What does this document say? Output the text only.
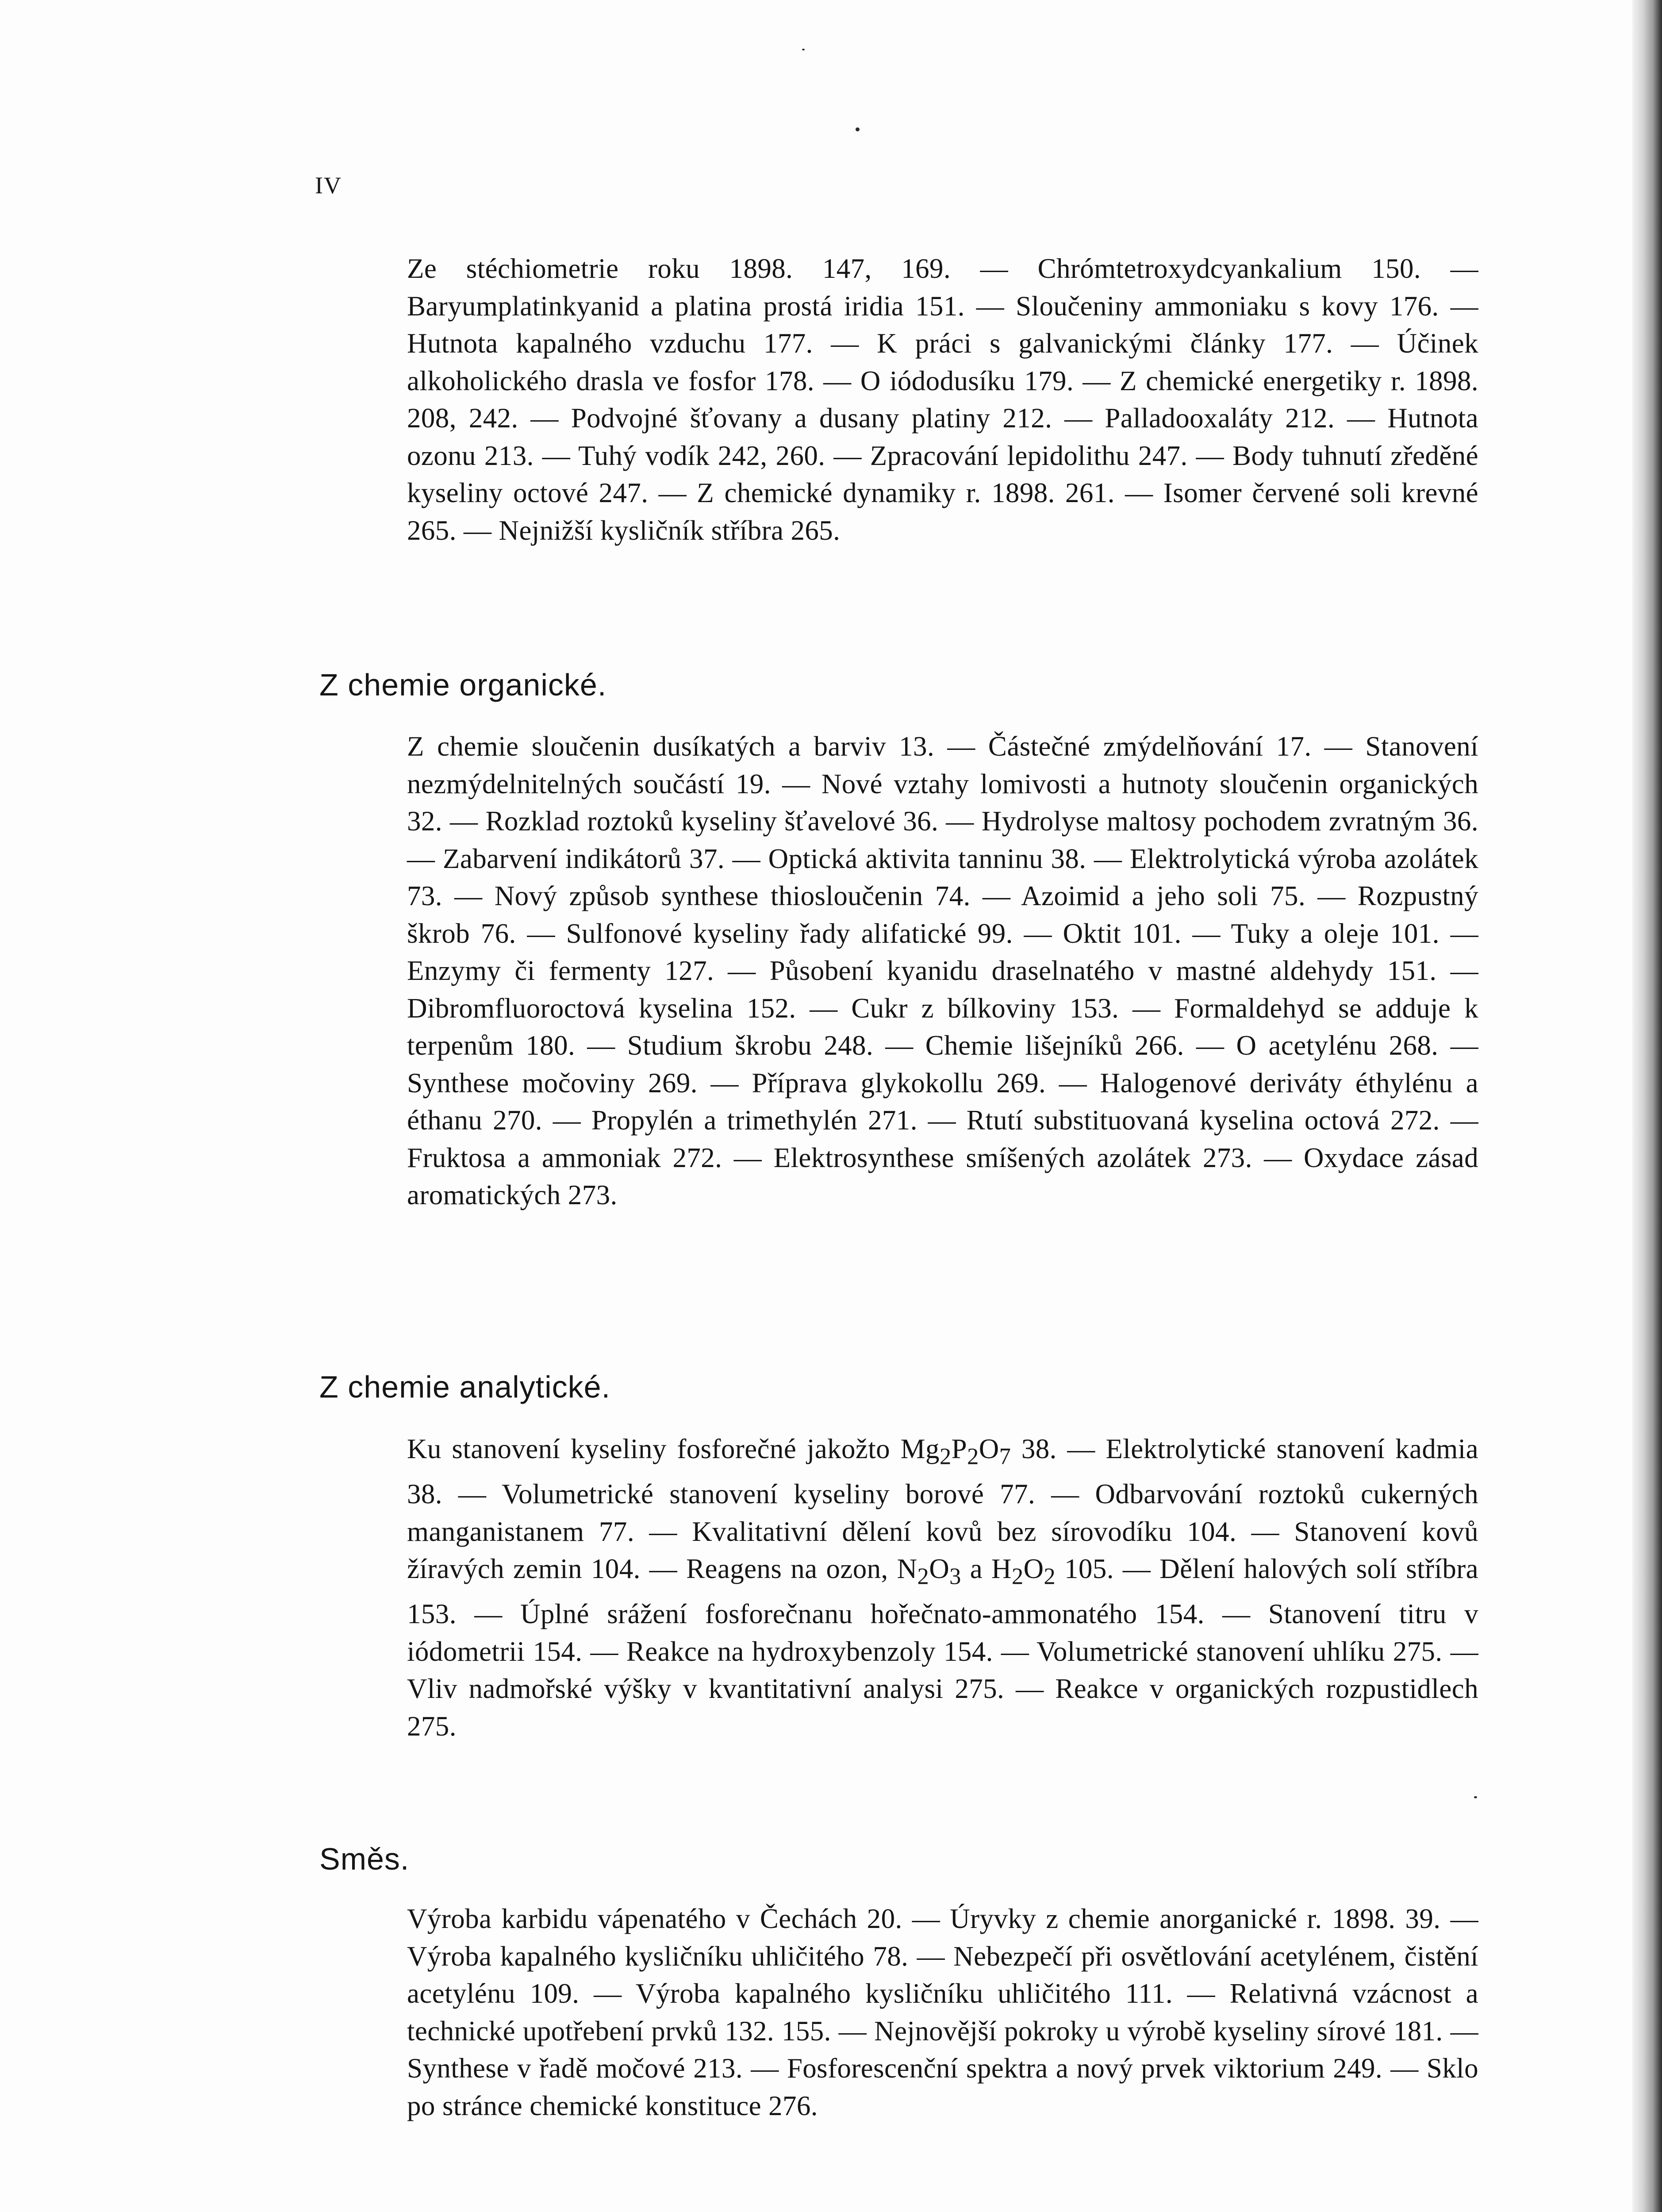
IV

Ze stéchiometrie roku 1898. 147, 169. — Chrómtetroxydcyankalium 150. — Baryumplatinkyanid a platina prostá iridia 151. — Sloučeniny ammoniaku s kovy 176. — Hutnota kapalného vzduchu 177. — K práci s galvanickými články 177. — Účinek alkoholického drasla ve fosfor 178. — O iódodusíku 179. — Z chemické energetiky r. 1898. 208, 242. — Podvojné šťovany a dusany platiny 212. — Palladooxaláty 212. — Hutnota ozonu 213. — Tuhý vodík 242, 260. — Zpracování lepidolithu 247. — Body tuhnutí zředěné kyseliny octové 247. — Z chemické dynamiky r. 1898. 261. — Isomer červené soli krevné 265. — Nejnižší kysličník stříbra 265.

Z chemie organické.

Z chemie sloučenin dusíkatých a barviv 13. — Částečné zmýdelňování 17. — Stanovení nezmýdelnitelných součástí 19. — Nové vztahy lomivosti a hutnoty sloučenin organických 32. — Rozklad roztoků kyseliny šťavelové 36. — Hydrolyse maltosy pochodem zvratným 36. — Zabarvení indikátorů 37. — Optická aktivita tanninu 38. — Elektrolytická výroba azolátek 73. — Nový způsob synthese thiosloučenin 74. — Azoimid a jeho soli 75. — Rozpustný škrob 76. — Sulfonové kyseliny řady alifatické 99. — Oktit 101. — Tuky a oleje 101. — Enzymy či fermenty 127. — Působení kyanidu draselnatého v mastné aldehydy 151. — Dibromfluoroctová kyselina 152. — Cukr z bílkoviny 153. — Formaldehyd se adduje k terpenům 180. — Studium škrobu 248. — Chemie lišejníků 266. — O acetylénu 268. — Synthese močoviny 269. — Příprava glykokollu 269. — Halogenové deriváty éthylénu a éthanu 270. — Propylén a trimethylén 271. — Rtutí substituovaná kyselina octová 272. — Fruktosa a ammoniak 272. — Elektrosynthese smíšených azolátek 273. — Oxydace zásad aromatických 273.

Z chemie analytické.

Ku stanovení kyseliny fosforečné jakožto $Mg_2P_2O_7$ 38. — Elektrolytické stanovení kadmia 38. — Volumetrické stanovení kyseliny borové 77. — Odbarvování roztoků cukerných manganistanem 77. — Kvalitativní dělení kovů bez sírovodíku 104. — Stanovení kovů žíravých zemin 104. — Reagens na ozon, $N_2O_3$ a $H_2O_2$ 105. — Dělení halových solí stříbra 153. — Úplné srážení fosforečnanu hořečnato-ammonatého 154. — Stanovení titru v iódometrii 154. — Reakce na hydroxybenzoly 154. — Volumetrické stanovení uhlíku 275. — Vliv nadmořské výšky v kvantitativní analysi 275. — Reakce v organických rozpustidlech 275.

Směs.

Výroba karbidu vápenatého v Čechách 20. — Úryvky z chemie anorganické r. 1898. 39. — Výroba kapalného kysličníku uhličitého 78. — Nebezpečí při osvětlování acetylénem, čistění acetylénu 109. — Výroba kapalného kysličníku uhličitého 111. — Relativná vzácnost a technické upotřebení prvků 132. 155. — Nejnovější pokroky u výrobě kyseliny sírové 181. — Synthese v řadě močové 213. — Fosforescenční spektra a nový prvek viktorium 249. — Sklo po stránce chemické konstituce 276.
